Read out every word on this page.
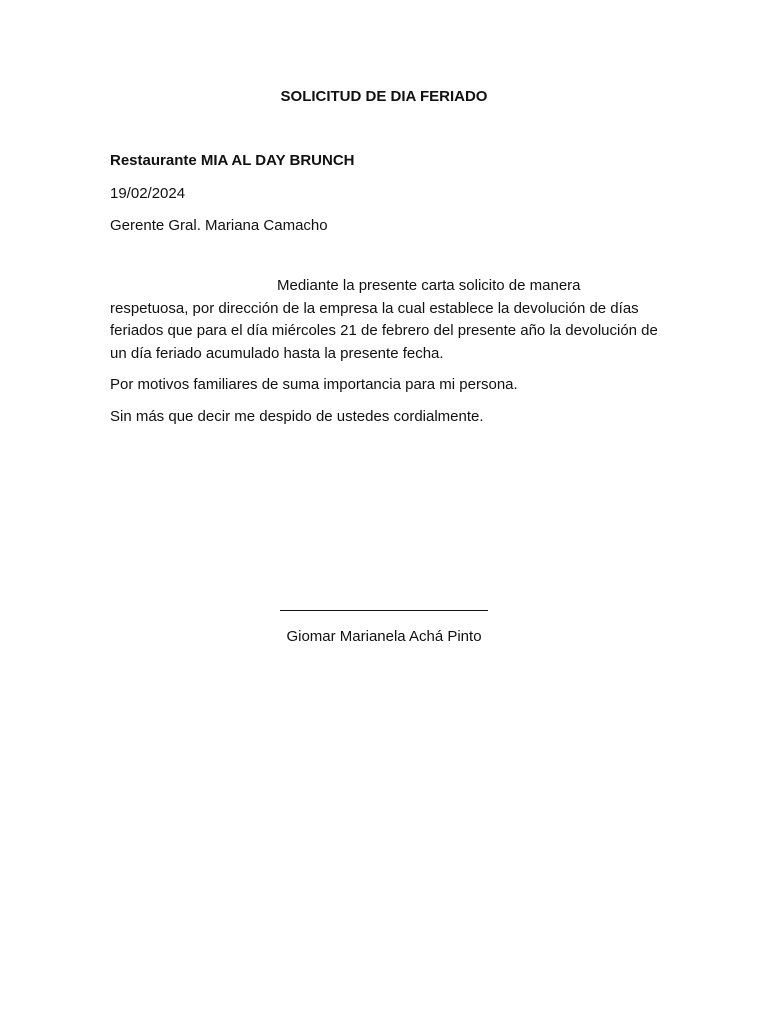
SOLICITUD DE DIA FERIADO
Restaurante MIA AL DAY BRUNCH
19/02/2024
Gerente Gral. Mariana Camacho
Mediante la presente carta solicito de manera respetuosa, por dirección de la empresa la cual establece la devolución de días feriados que para el día miércoles 21 de febrero del presente año la devolución de un día feriado acumulado hasta la presente fecha.
Por motivos familiares de suma importancia para mi persona.
Sin más que decir me despido de ustedes cordialmente.
Giomar Marianela Achá Pinto
